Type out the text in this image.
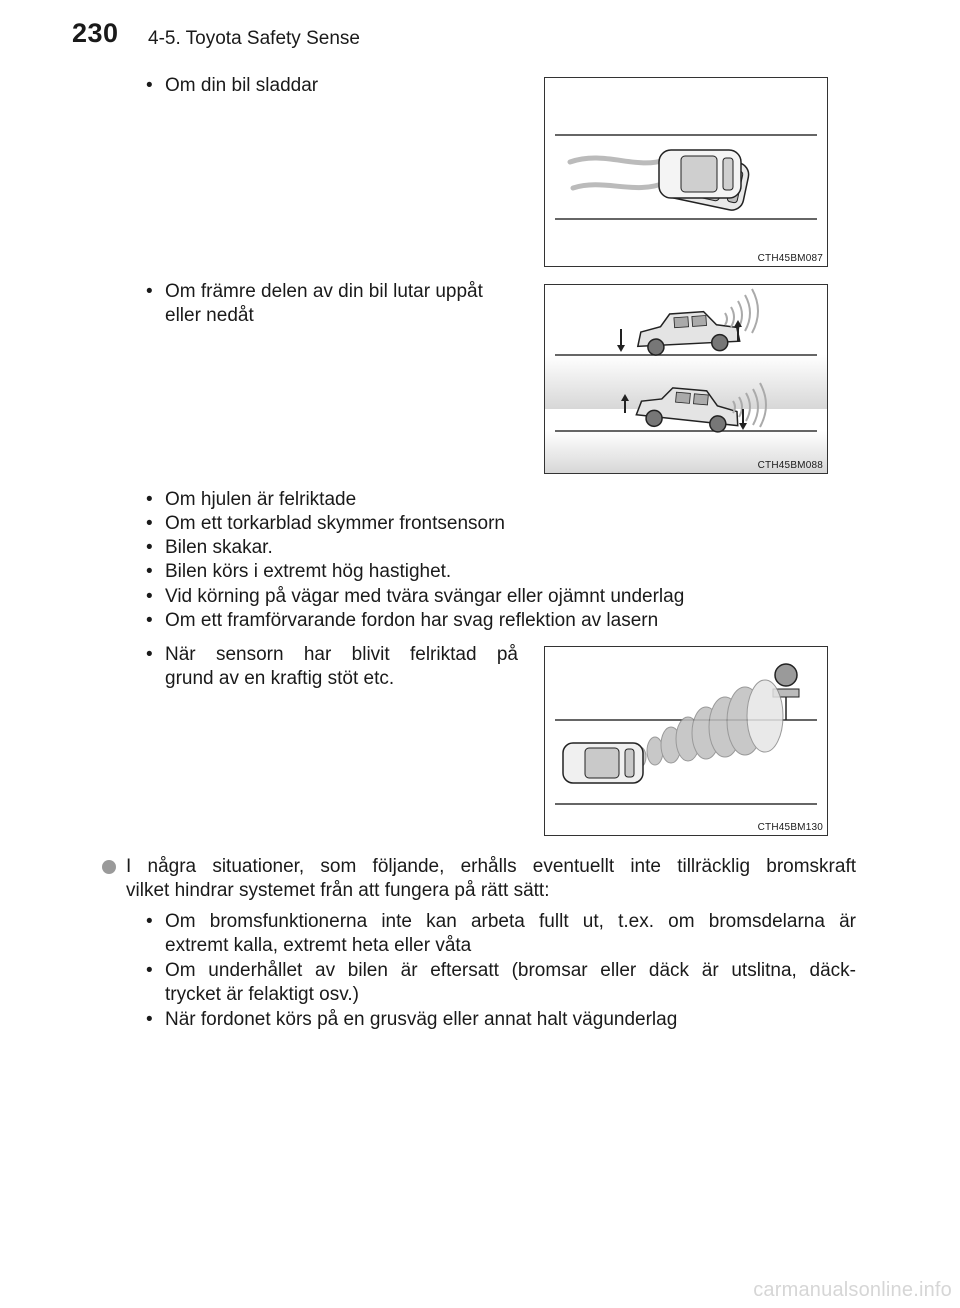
230 4-5. Toyota Safety Sense
• Om din bil sladdar
CTH45BM087
• Om främre delen av din bil lutar uppåt
eller nedåt
CTH45BM088
• Om hjulen är felriktade
• Om ett torkarblad skymmer frontsensorn
• Bilen skakar.
• Bilen körs i extremt hög hastighet.
• Vid körning på vägar med tvära svängar eller ojämnt underlag
• Om ett framförvarande fordon har svag reflektion av lasern
• När sensorn har blivit felriktad på
grund av en kraftig stöt etc.
CTH45BM130
I några situationer, som följande, erhålls eventuellt inte tillräcklig bromskraft
vilket hindrar systemet från att fungera på rätt sätt:
• Om bromsfunktionerna inte kan arbeta fullt ut, t.ex. om bromsdelarna är
extremt kalla, extremt heta eller våta
• Om underhållet av bilen är eftersatt (bromsar eller däck är utslitna, däck-
trycket är felaktigt osv.)
• När fordonet körs på en grusväg eller annat halt vägunderlag
carmanualsonline.info
